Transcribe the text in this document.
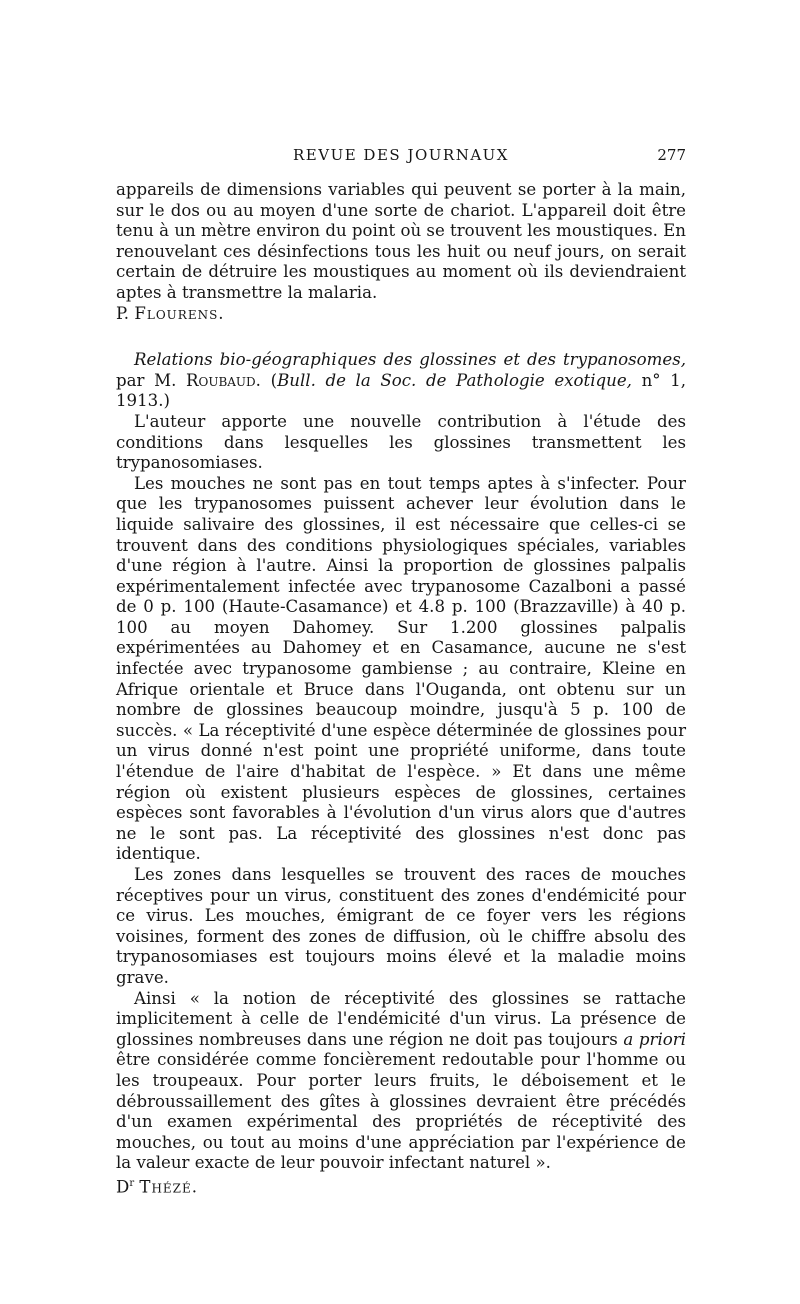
REVUE DES JOURNAUX	277

appareils de dimensions variables qui peuvent se porter à la main, sur le dos ou au moyen d'une sorte de chariot. L'appareil doit être tenu à un mètre environ du point où se trouvent les moustiques. En renouvelant ces désinfections tous les huit ou neuf jours, on serait certain de détruire les moustiques au moment où ils deviendraient aptes à transmettre la malaria.

P. Flourens.

Relations bio-géographiques des glossines et des trypanosomes, par M. Roubaud. (Bull. de la Soc. de Pathologie exotique, n° 1, 1913.)

L'auteur apporte une nouvelle contribution à l'étude des conditions dans lesquelles les glossines transmettent les trypanosomiases.

Les mouches ne sont pas en tout temps aptes à s'infecter. Pour que les trypanosomes puissent achever leur évolution dans le liquide salivaire des glossines, il est nécessaire que celles-ci se trouvent dans des conditions physiologiques spéciales, variables d'une région à l'autre. Ainsi la proportion de glossines palpalis expérimentalement infectée avec trypanosome Cazalboni a passé de 0 p. 100 (Haute-Casamance) et 4.8 p. 100 (Brazzaville) à 40 p. 100 au moyen Dahomey. Sur 1.200 glossines palpalis expérimentées au Dahomey et en Casamance, aucune ne s'est infectée avec trypanosome gambiense ; au contraire, Kleine en Afrique orientale et Bruce dans l'Ouganda, ont obtenu sur un nombre de glossines beaucoup moindre, jusqu'à 5 p. 100 de succès. « La réceptivité d'une espèce déterminée de glossines pour un virus donné n'est point une propriété uniforme, dans toute l'étendue de l'aire d'habitat de l'espèce. » Et dans une même région où existent plusieurs espèces de glossines, certaines espèces sont favorables à l'évolution d'un virus alors que d'autres ne le sont pas. La réceptivité des glossines n'est donc pas identique.

Les zones dans lesquelles se trouvent des races de mouches réceptives pour un virus, constituent des zones d'endémicité pour ce virus. Les mouches, émigrant de ce foyer vers les régions voisines, forment des zones de diffusion, où le chiffre absolu des trypanosomiases est toujours moins élevé et la maladie moins grave.

Ainsi « la notion de réceptivité des glossines se rattache implicitement à celle de l'endémicité d'un virus. La présence de glossines nombreuses dans une région ne doit pas toujours a priori être considérée comme foncièrement redoutable pour l'homme ou les troupeaux. Pour porter leurs fruits, le déboisement et le débroussaillement des gîtes à glossines devraient être précédés d'un examen expérimental des propriétés de réceptivité des mouches, ou tout au moins d'une appréciation par l'expérience de la valeur exacte de leur pouvoir infectant naturel ».

$D^r$ Thézé.
